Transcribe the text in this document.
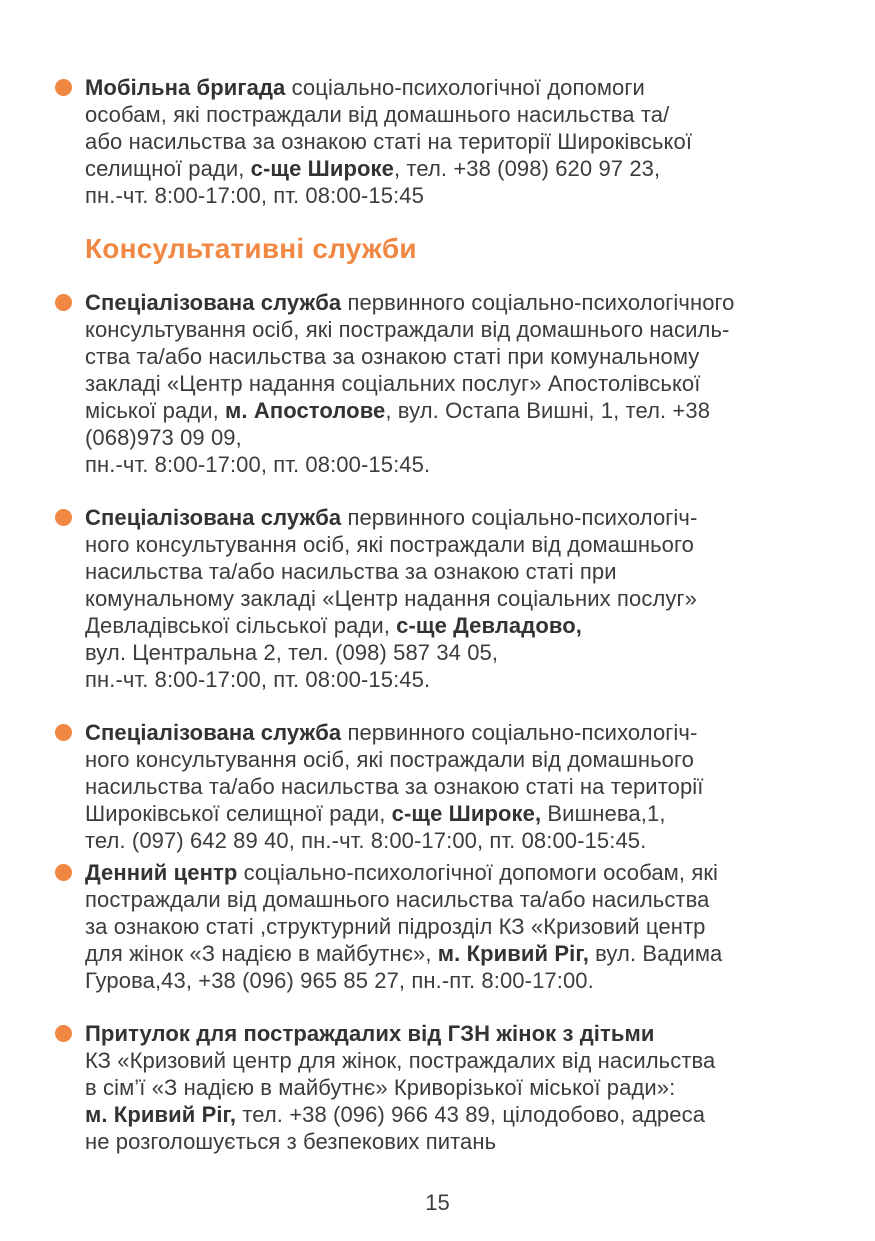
Мобільна бригада соціально-психологічної допомоги
особам, які постраждали від домашнього насильства та/
або насильства за ознакою статі на території Широківської
селищної ради, с-ще Широке, тел. +38 (098) 620 97 23,
пн.-чт. 8:00-17:00, пт. 08:00-15:45
Консультативні служби
Спеціалізована служба первинного соціально-психологічного
консультування осіб, які постраждали від домашнього насиль-
ства та/або насильства за ознакою статі при комунальному
закладі «Центр надання соціальних послуг» Апостолівської
міської ради, м. Апостолове, вул. Остапа Вишні, 1, тел. +38
(068)973 09 09,
пн.-чт. 8:00-17:00, пт. 08:00-15:45.
Спеціалізована служба первинного соціально-психологіч-
ного консультування осіб, які постраждали від домашнього
насильства та/або насильства за ознакою статі при
комунальному закладі «Центр надання соціальних послуг»
Девладівської сільської ради, с-ще Девладово,
вул. Центральна 2, тел. (098) 587 34 05,
пн.-чт. 8:00-17:00, пт. 08:00-15:45.
Спеціалізована служба первинного соціально-психологіч-
ного консультування осіб, які постраждали від домашнього
насильства та/або насильства за ознакою статі на території
Широківської селищної ради, с-ще Широке, Вишнева,1,
тел. (097) 642 89 40, пн.-чт. 8:00-17:00, пт. 08:00-15:45.
Денний центр соціально-психологічної допомоги особам, які
постраждали від домашнього насильства та/або насильства
за ознакою статі ,структурний підрозділ КЗ «Кризовий центр
для жінок «З надією в майбутнє», м. Кривий Ріг, вул. Вадима
Гурова,43, +38 (096) 965 85 27, пн.-пт. 8:00-17:00.
Притулок для постраждалих від ГЗН жінок з дітьми
КЗ «Кризовий центр для жінок, постраждалих від насильства
в сім’ї «З надією в майбутнє» Криворізької міської ради»:
м. Кривий Ріг, тел. +38 (096) 966 43 89, цілодобово, адреса
не розголошується з безпекових питань
15
